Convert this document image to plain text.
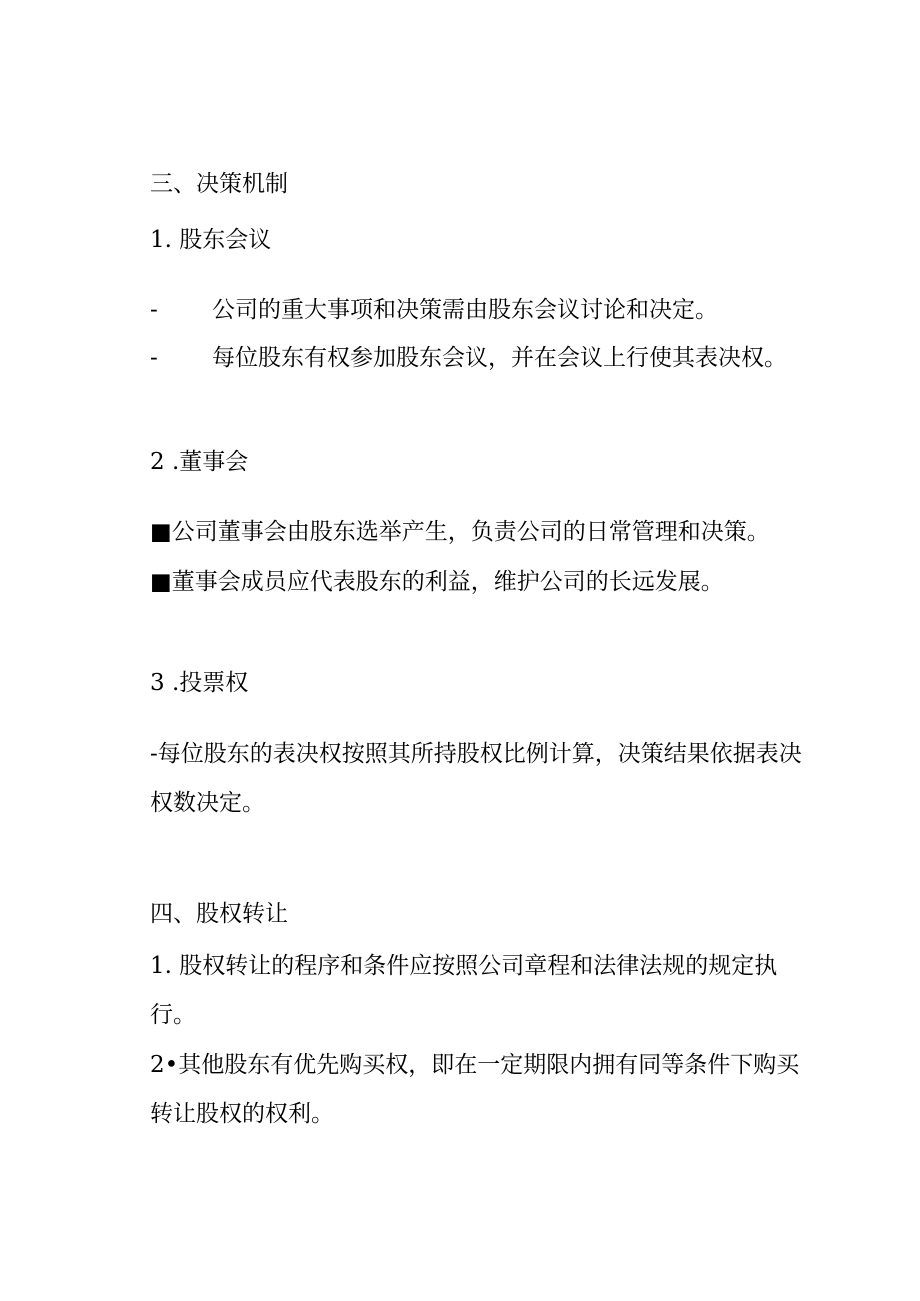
三、决策机制
1. 股东会议
- 公司的重大事项和决策需由股东会议讨论和决定。
- 每位股东有权参加股东会议，并在会议上行使其表决权。
2 .董事会
■公司董事会由股东选举产生，负责公司的日常管理和决策。
■董事会成员应代表股东的利益，维护公司的长远发展。
3 .投票权
-每位股东的表决权按照其所持股权比例计算，决策结果依据表决
权数决定。
四、股权转让
1. 股权转让的程序和条件应按照公司章程和法律法规的规定执
行。
2•其他股东有优先购买权，即在一定期限内拥有同等条件下购买
转让股权的权利。
